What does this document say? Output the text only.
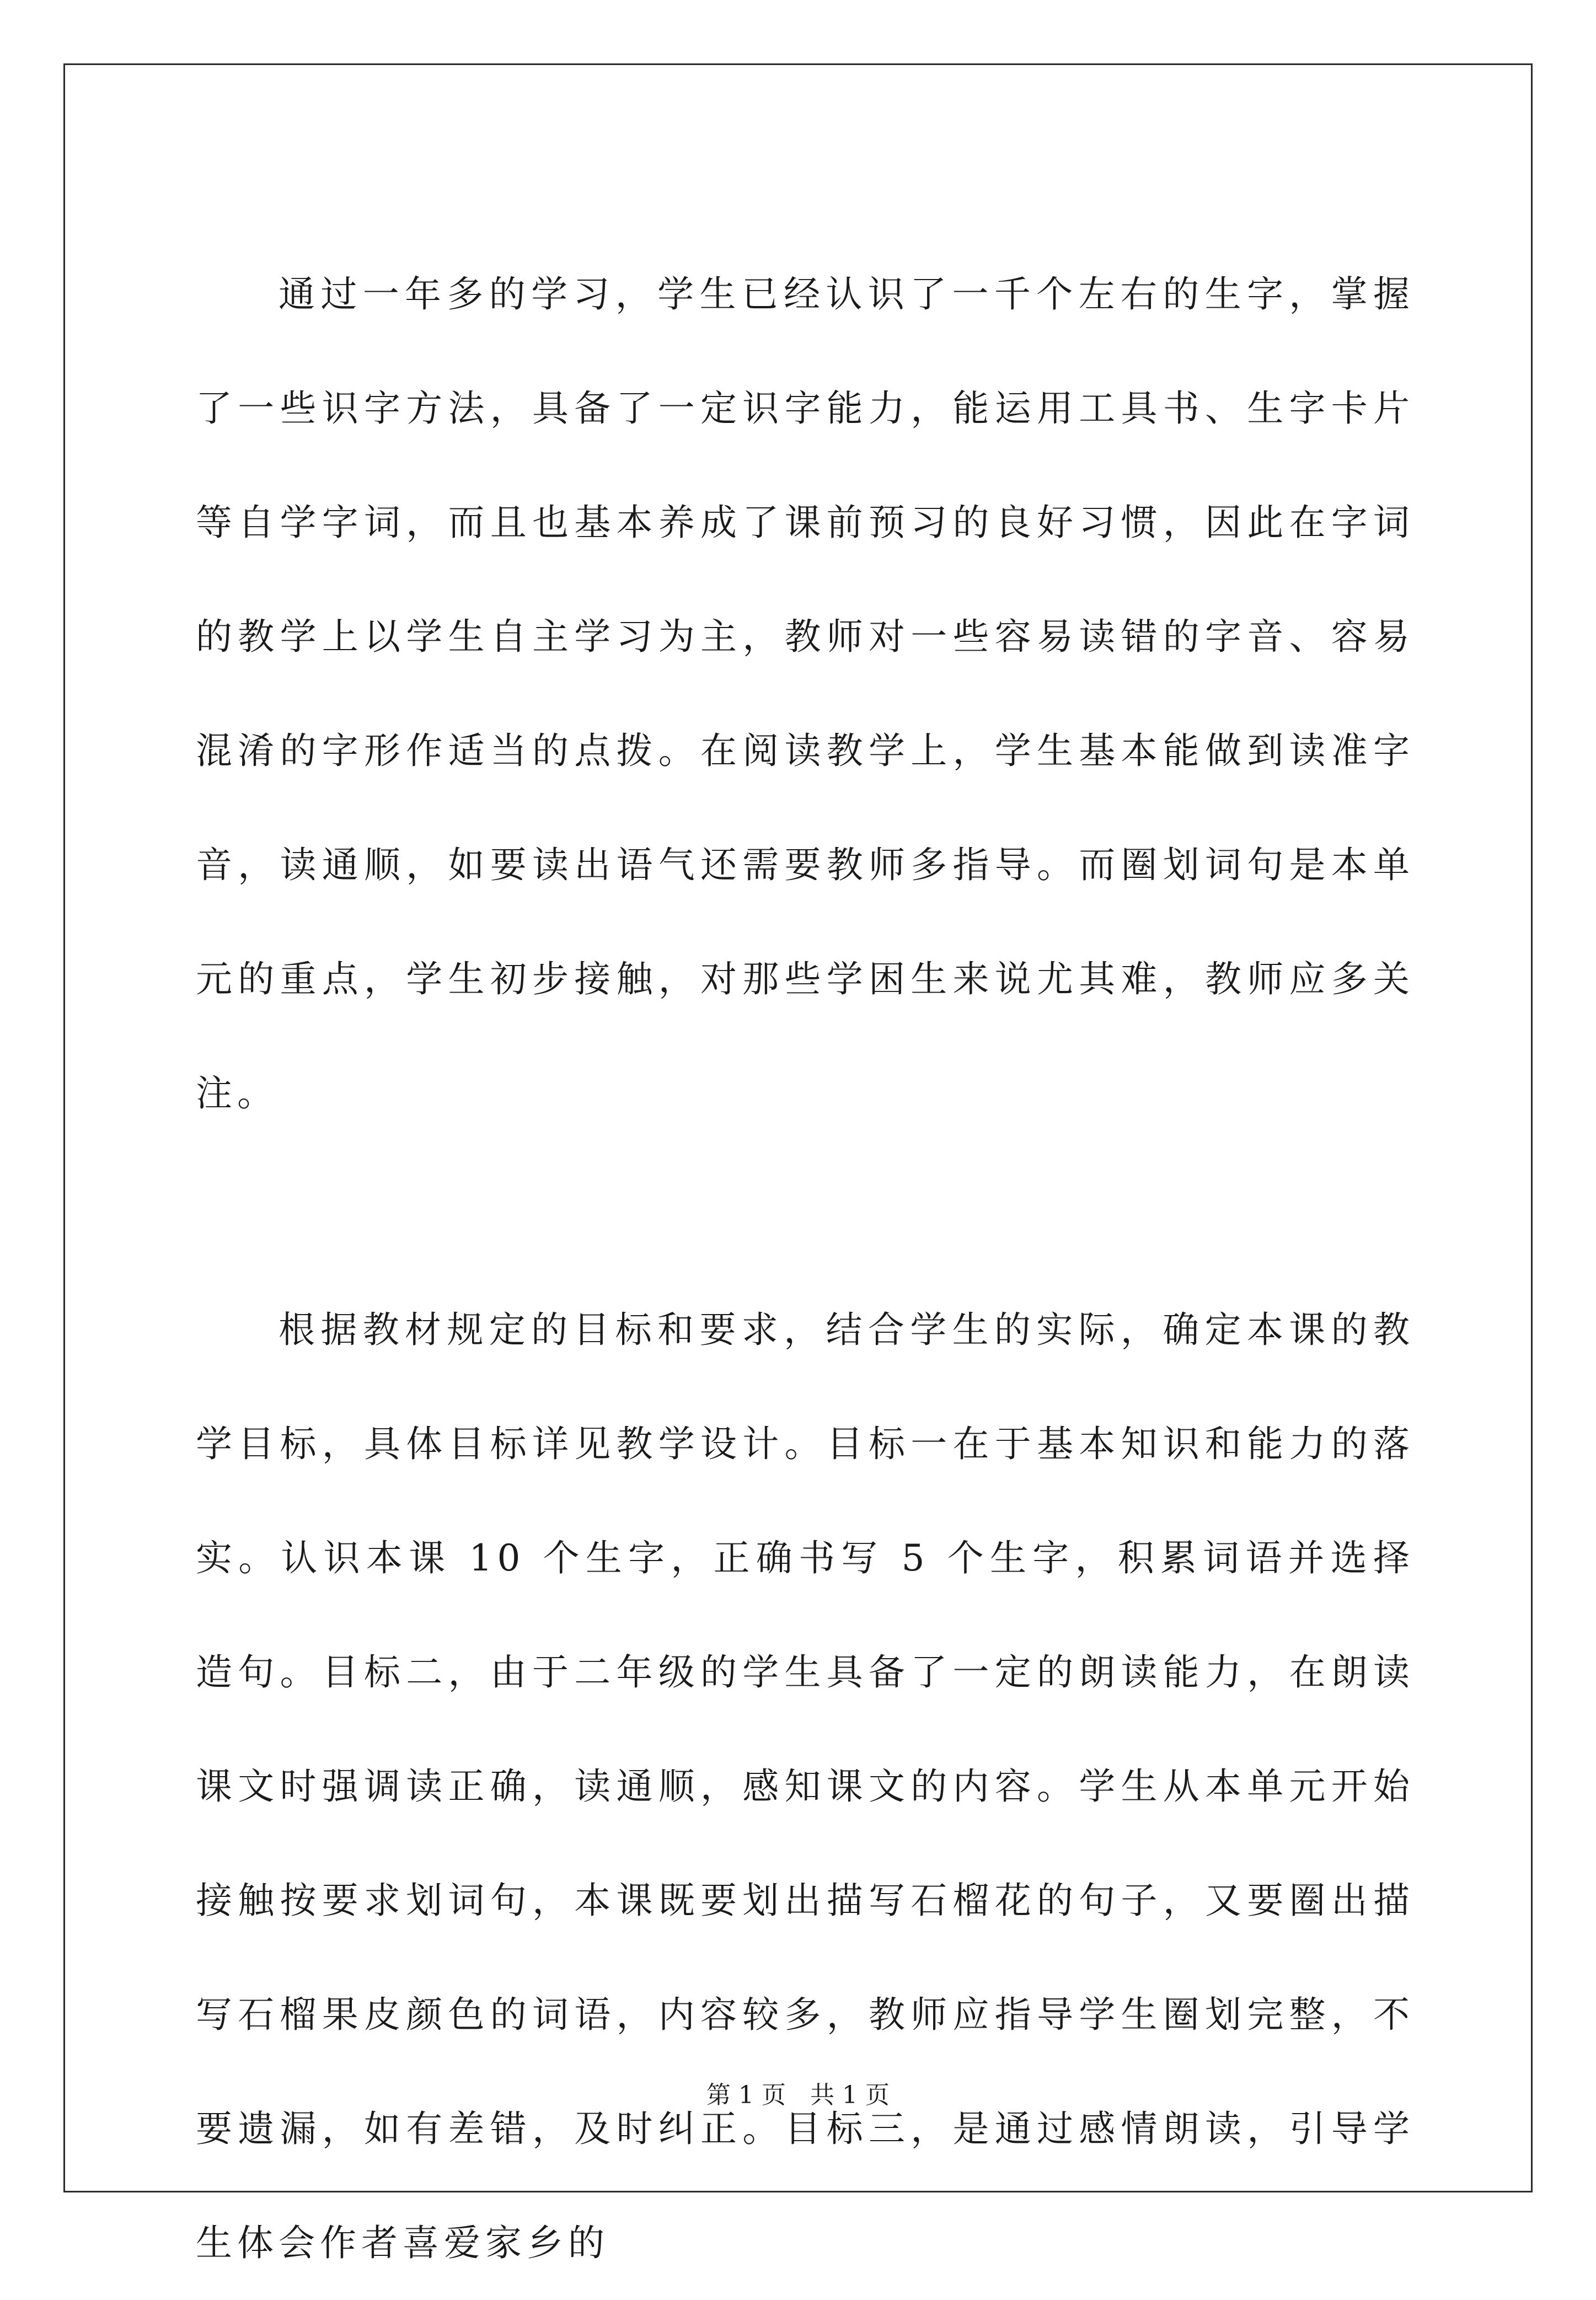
通过一年多的学习，学生已经认识了一千个左右的生字，掌握了一些识字方法，具备了一定识字能力，能运用工具书、生字卡片等自学字词，而且也基本养成了课前预习的良好习惯，因此在字词的教学上以学生自主学习为主，教师对一些容易读错的字音、容易混淆的字形作适当的点拨。在阅读教学上，学生基本能做到读准字音，读通顺，如要读出语气还需要教师多指导。而圈划词句是本单元的重点，学生初步接触，对那些学困生来说尤其难，教师应多关注。

根据教材规定的目标和要求，结合学生的实际，确定本课的教学目标，具体目标详见教学设计。目标一在于基本知识和能力的落实。认识本课 10 个生字，正确书写 5 个生字，积累词语并选择造句。目标二，由于二年级的学生具备了一定的朗读能力，在朗读课文时强调读正确，读通顺，感知课文的内容。学生从本单元开始接触按要求划词句，本课既要划出描写石榴花的句子，又要圈出描写石榴果皮颜色的词语，内容较多，教师应指导学生圈划完整，不要遗漏，如有差错，及时纠正。目标三，是通过感情朗读，引导学生体会作者喜爱家乡的

第 1 页　共 1 页
